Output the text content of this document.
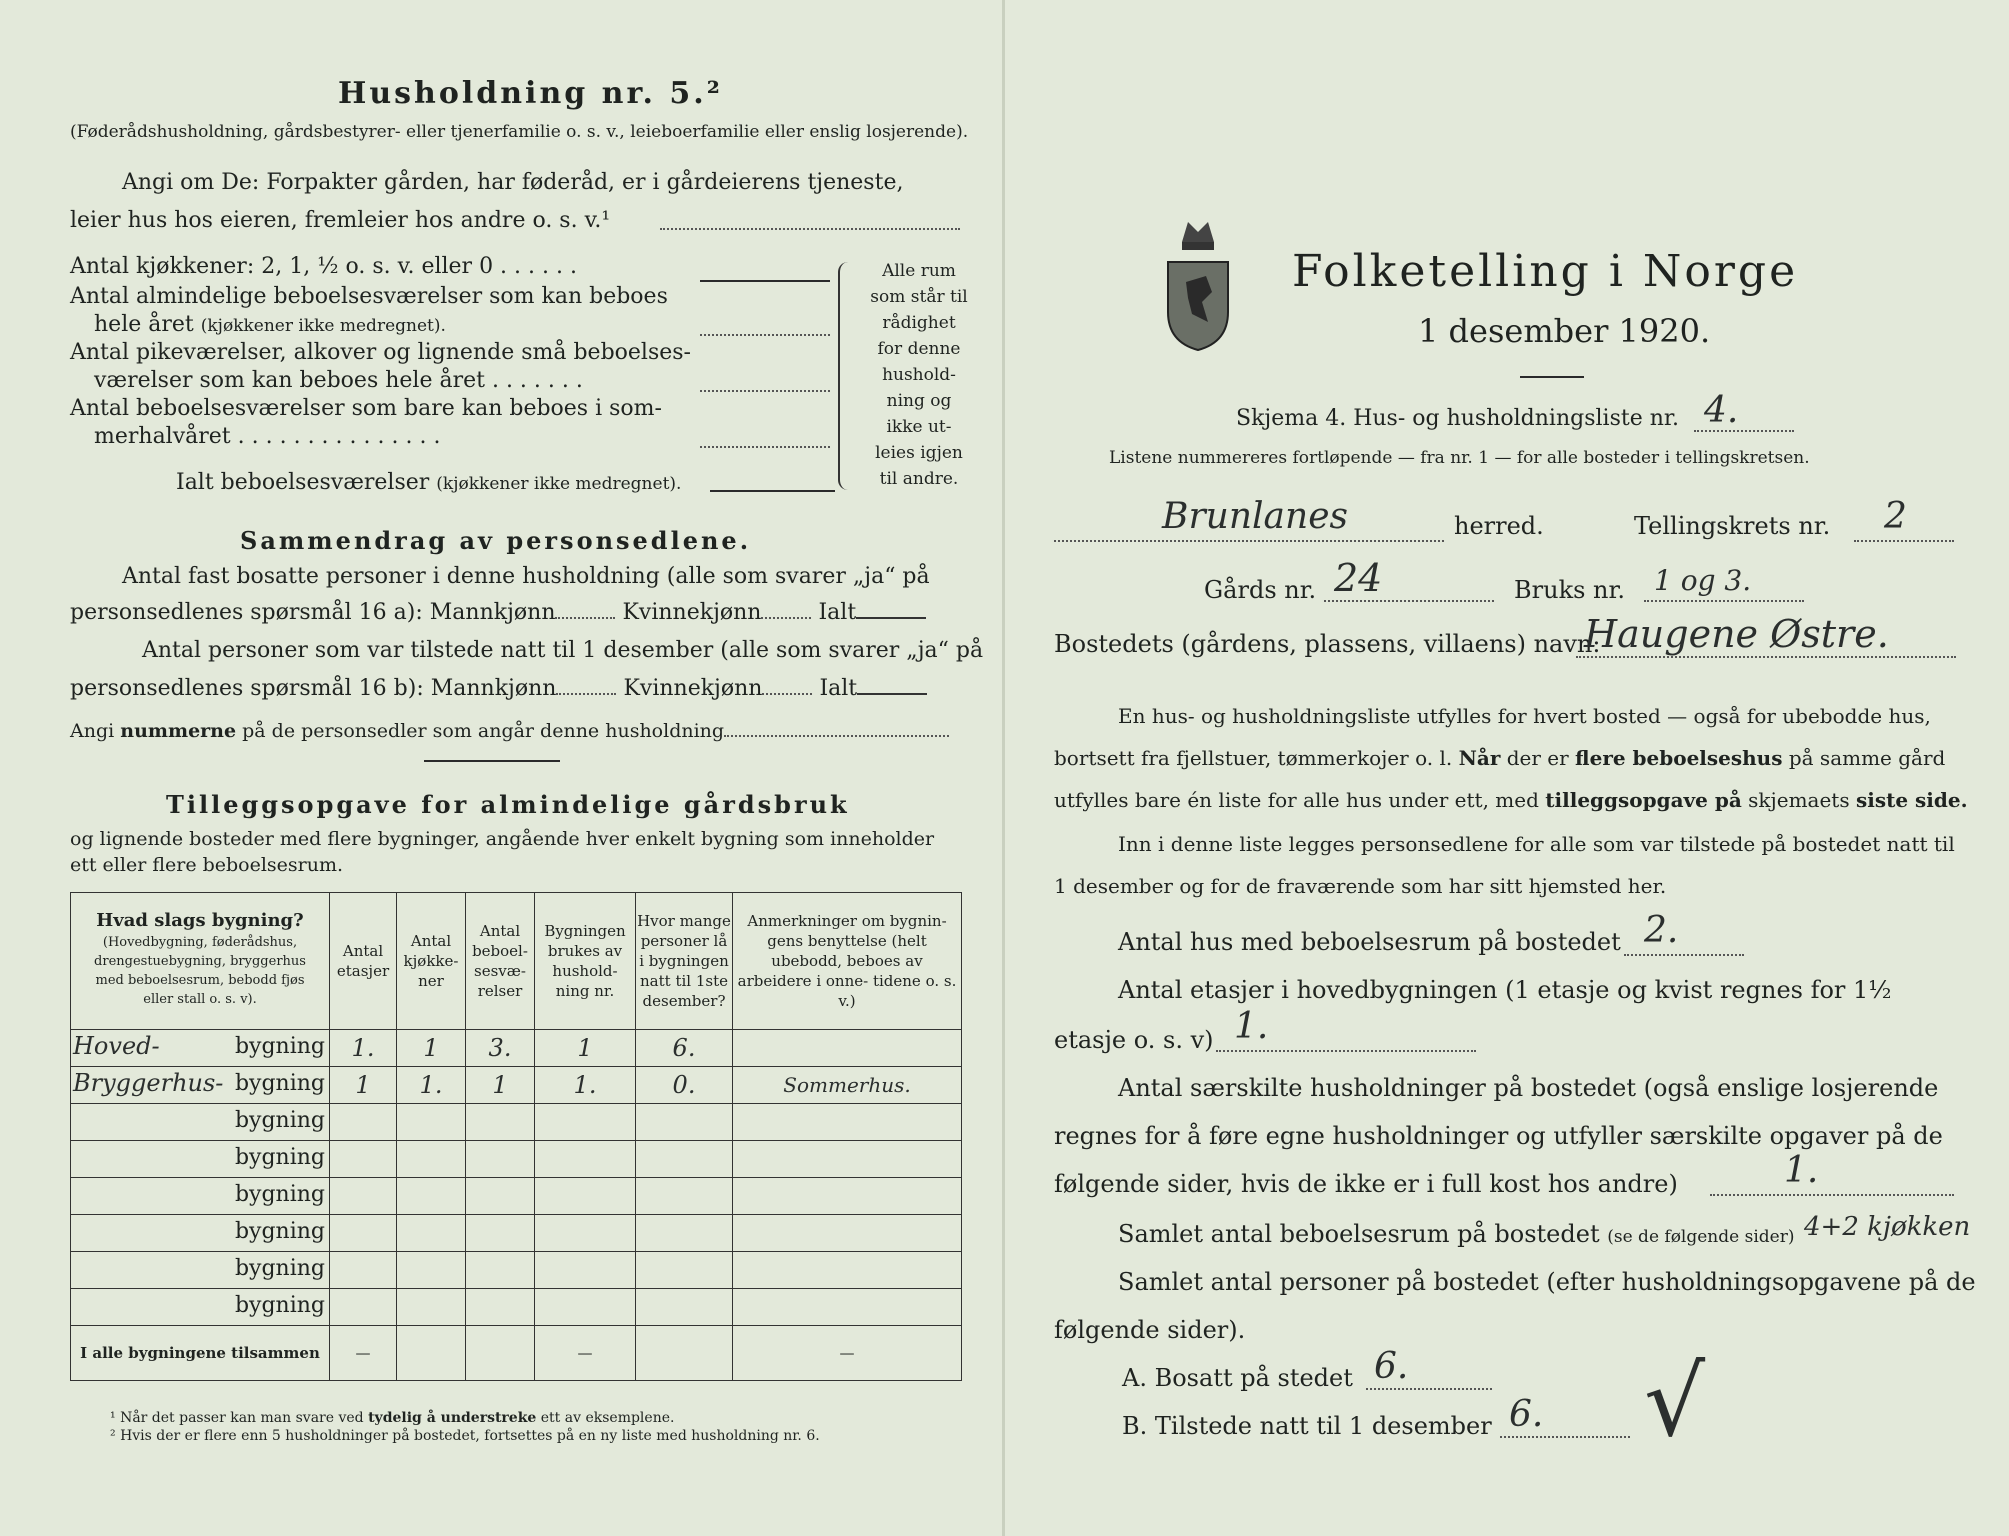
Husholdning nr. 5.²
(Føderådshusholdning, gårdsbestyrer- eller tjenerfamilie o. s. v., leieboerfamilie eller enslig losjerende).
Angi om De: Forpakter gården, har føderåd, er i gårdeierens tjeneste,
leier hus hos eieren, fremleier hos andre o. s. v.¹
Antal kjøkkener: 2, 1, ½ o. s. v. eller 0 . . . . . .
Antal almindelige beboelsesværelser som kan beboes
hele året (kjøkkener ikke medregnet).
Antal pikeværelser, alkover og lignende små beboelses-
værelser som kan beboes hele året . . . . . . .
Antal beboelsesværelser som bare kan beboes i som-
merhalvåret . . . . . . . . . . . . . . .
Ialt beboelsesværelser (kjøkkener ikke medregnet).
Alle rum
som står til
rådighet
for denne
hushold-
ning og
ikke ut-
leies igjen
til andre.
Sammendrag av personsedlene.
Antal fast bosatte personer i denne husholdning (alle som svarer „ja“ på
personsedlenes spørsmål 16 a): Mannkjønn	Kvinnekjønn	Ialt
Antal personer som var tilstede natt til 1 desember (alle som svarer „ja“ på
personsedlenes spørsmål 16 b): Mannkjønn	Kvinnekjønn	Ialt
Angi nummerne på de personsedler som angår denne husholdning
Tilleggsopgave for almindelige gårdsbruk
og lignende bosteder med flere bygninger, angående hver enkelt bygning som inneholder
ett eller flere beboelsesrum.
Hvad slags bygning?
(Hovedbygning, føderådshus, drengestuebygning, bryggerhus med beboelsesrum, bebodd fjøs eller stall o. s. v).	Antal etasjer	Antal kjøkke- ner	Antal beboel- sesvæ- relser	Bygningen brukes av hushold- ning nr.	Hvor mange personer lå i bygningen natt til 1ste desember?	Anmerkninger om bygnin- gens benyttelse (helt ubebodd, beboes av arbeidere i onne- tidene o. s. v.)

Hoved- bygning	1.	1	3.	1	6.	

Bryggerhus- bygning	1	1.	1	1.	0.	Sommerhus.

bygning						

bygning						

bygning						

bygning						

bygning						

bygning						

I alle bygningene tilsammen	—			—		—
¹ Når det passer kan man svare ved tydelig å understreke ett av eksemplene.
² Hvis der er flere enn 5 husholdninger på bostedet, fortsettes på en ny liste med husholdning nr. 6.
Folketelling i Norge
1 desember 1920.
Skjema 4. Hus- og husholdningsliste nr. 4.
Listene nummereres fortløpende — fra nr. 1 — for alle bosteder i tellingskretsen.
Brunlanes	herred.	Tellingskrets nr. 2
Gårds nr. 24	Bruks nr. 1 og 3.
Bostedets (gårdens, plassens, villaens) navn:
Haugene Østre.
En hus- og husholdningsliste utfylles for hvert bosted — også for ubebodde hus,
bortsett fra fjellstuer, tømmerkojer o. l. Når der er flere beboelseshus på samme gård
utfylles bare én liste for alle hus under ett, med tilleggsopgave på skjemaets siste side.
Inn i denne liste legges personsedlene for alle som var tilstede på bostedet natt til
1 desember og for de fraværende som har sitt hjemsted her.
Antal hus med beboelsesrum på bostedet 2.
Antal etasjer i hovedbygningen (1 etasje og kvist regnes for 1½
etasje o. s. v) 1.
Antal særskilte husholdninger på bostedet (også enslige losjerende
regnes for å føre egne husholdninger og utfyller særskilte opgaver på de
følgende sider, hvis de ikke er i full kost hos andre)	1.
Samlet antal beboelsesrum på bostedet (se de følgende sider) 4+2 kjøkken
Samlet antal personer på bostedet (efter husholdningsopgavene på de
følgende sider).
A. Bosatt på stedet 6.
B. Tilstede natt til 1 desember 6. √
